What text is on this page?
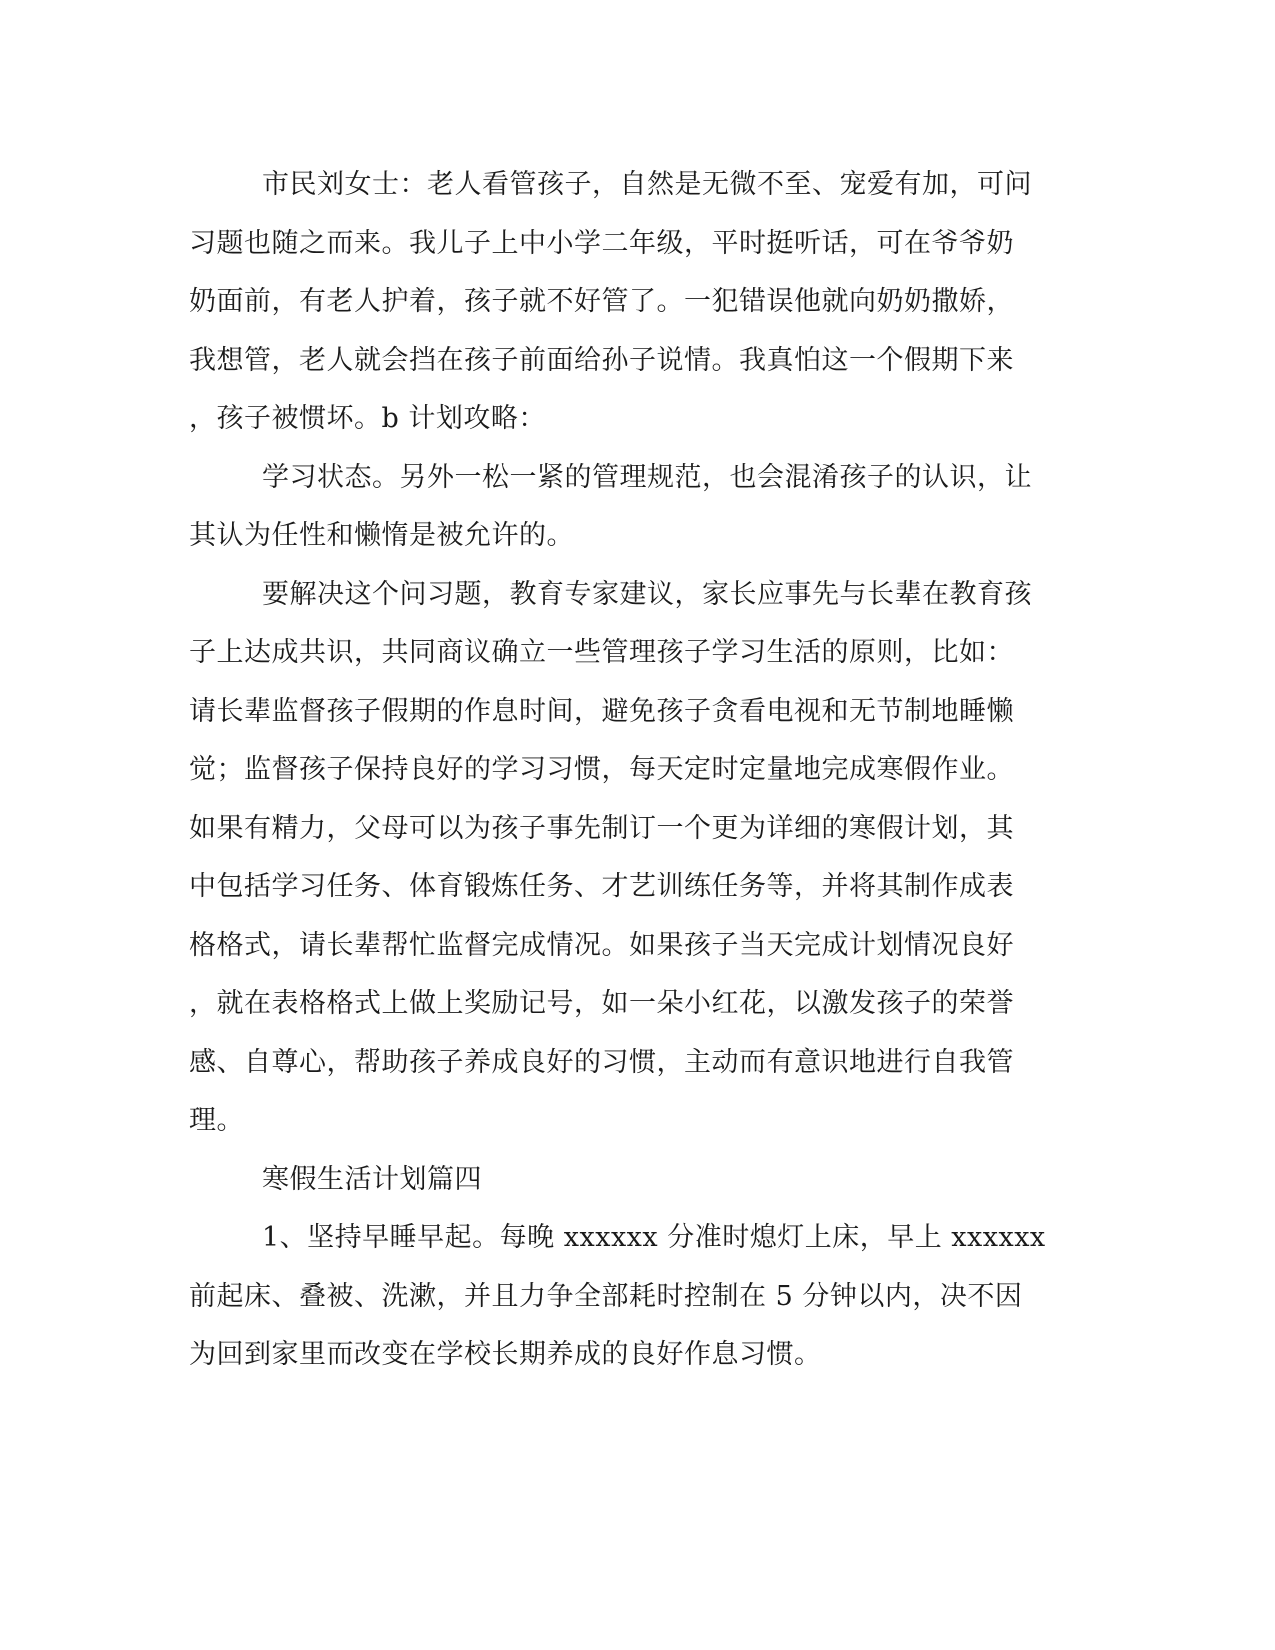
市民刘女士：老人看管孩子，自然是无微不至、宠爱有加，可问
习题也随之而来。我儿子上中小学二年级，平时挺听话，可在爷爷奶
奶面前，有老人护着，孩子就不好管了。一犯错误他就向奶奶撒娇，
我想管，老人就会挡在孩子前面给孙子说情。我真怕这一个假期下来
，孩子被惯坏。b 计划攻略：
学习状态。另外一松一紧的管理规范，也会混淆孩子的认识，让
其认为任性和懒惰是被允许的。
要解决这个问习题，教育专家建议，家长应事先与长辈在教育孩
子上达成共识，共同商议确立一些管理孩子学习生活的原则，比如：
请长辈监督孩子假期的作息时间，避免孩子贪看电视和无节制地睡懒
觉；监督孩子保持良好的学习习惯，每天定时定量地完成寒假作业。
如果有精力，父母可以为孩子事先制订一个更为详细的寒假计划，其
中包括学习任务、体育锻炼任务、才艺训练任务等，并将其制作成表
格格式，请长辈帮忙监督完成情况。如果孩子当天完成计划情况良好
，就在表格格式上做上奖励记号，如一朵小红花，以激发孩子的荣誉
感、自尊心，帮助孩子养成良好的习惯，主动而有意识地进行自我管
理。
寒假生活计划篇四
1、坚持早睡早起。每晚 xxxxxx 分准时熄灯上床，早上 xxxxxx
前起床、叠被、洗漱，并且力争全部耗时控制在 5 分钟以内，决不因
为回到家里而改变在学校长期养成的良好作息习惯。
